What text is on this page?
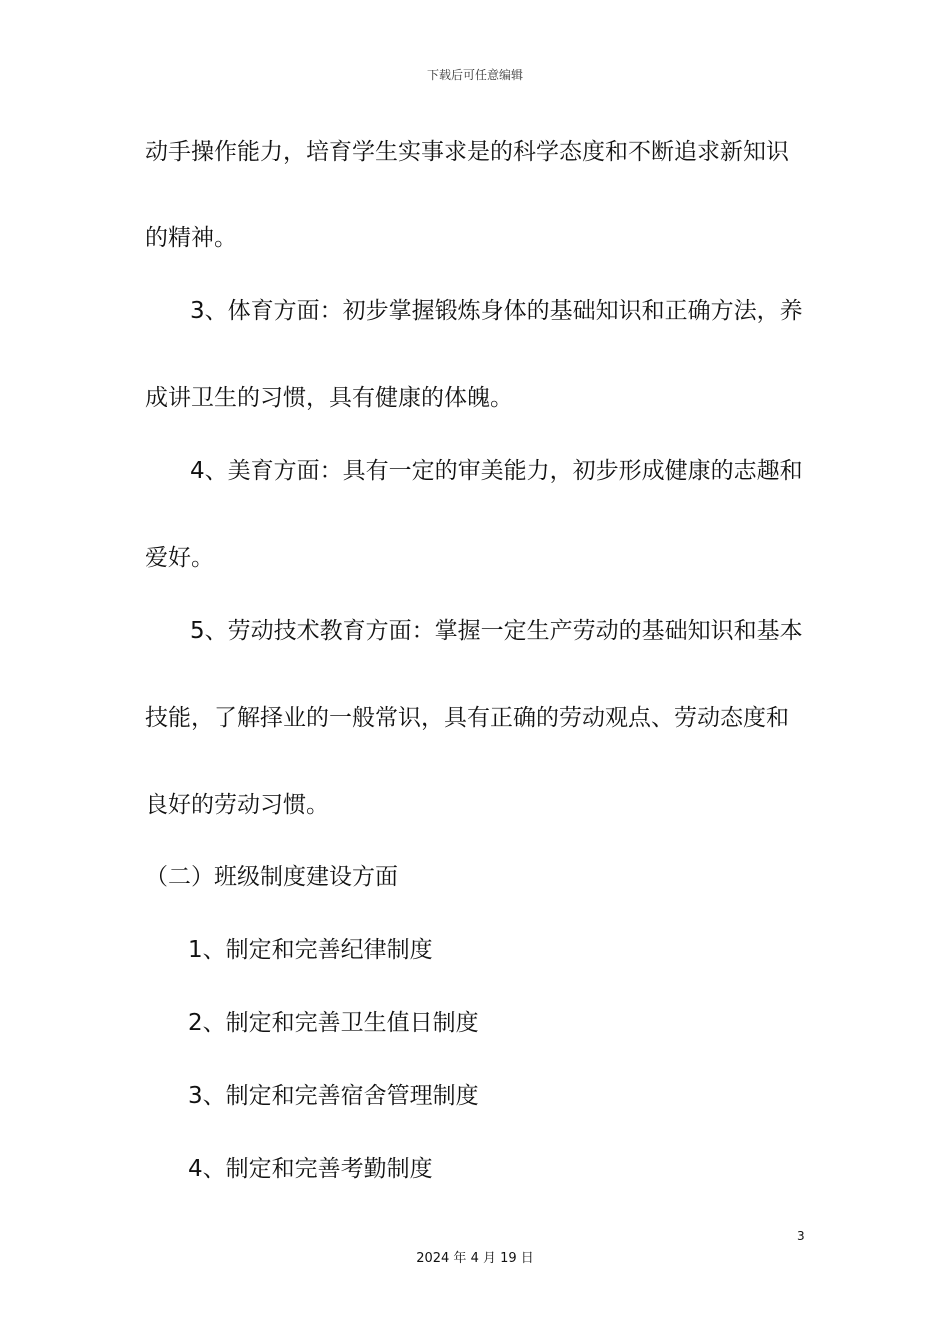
下载后可任意编辑
动手操作能力，培育学生实事求是的科学态度和不断追求新知识
的精神。
3、体育方面：初步掌握锻炼身体的基础知识和正确方法，养
成讲卫生的习惯，具有健康的体魄。
4、美育方面：具有一定的审美能力，初步形成健康的志趣和
爱好。
5、劳动技术教育方面：掌握一定生产劳动的基础知识和基本
技能，了解择业的一般常识，具有正确的劳动观点、劳动态度和
良好的劳动习惯。
（二）班级制度建设方面
1、制定和完善纪律制度
2、制定和完善卫生值日制度
3、制定和完善宿舍管理制度
4、制定和完善考勤制度
3
2024 年 4 月 19 日
